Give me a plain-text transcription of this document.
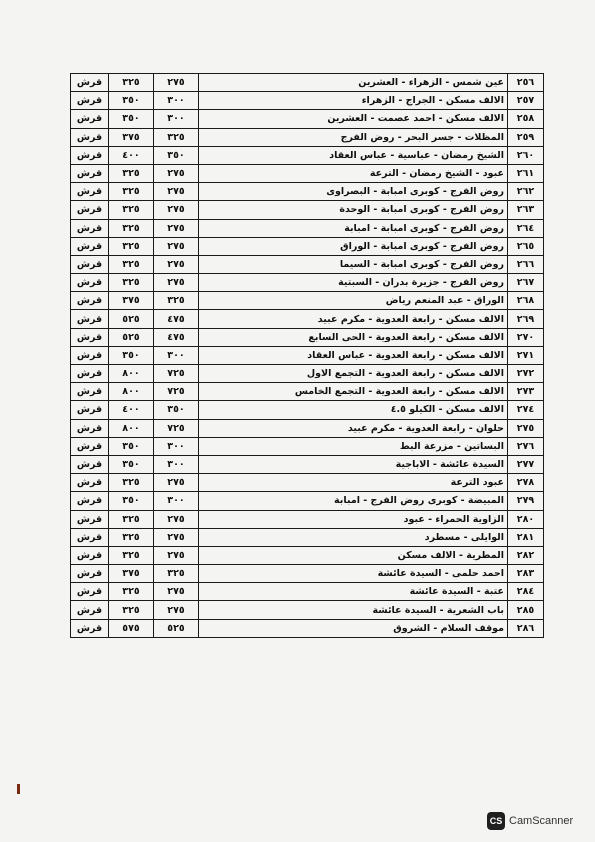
قرش	٣٢٥	٢٧٥	عين شمس - الزهراء - العشرين	٢٥٦
قرش	٣٥٠	٣٠٠	الالف مسكن - الجراج - الزهراء	٢٥٧
قرش	٣٥٠	٣٠٠	الالف مسكن - احمد عصمت - العشرين	٢٥٨
قرش	٣٧٥	٣٢٥	المظلات - جسر البحر - روض الفرج	٢٥٩
قرش	٤٠٠	٣٥٠	الشيخ رمضان - عباسية - عباس العقاد	٢٦٠
قرش	٣٢٥	٢٧٥	عبود - الشيخ رمضان - الترعة	٢٦١
قرش	٣٢٥	٢٧٥	روض الفرج - كوبرى امبابة - البصراوى	٢٦٢
قرش	٣٢٥	٢٧٥	روض الفرج - كوبرى امبابة - الوحدة	٢٦٣
قرش	٣٢٥	٢٧٥	روض الفرج - كوبرى امبابة - امبابة	٢٦٤
قرش	٣٢٥	٢٧٥	روض الفرج - كوبرى امبابة - الوراق	٢٦٥
قرش	٣٢٥	٢٧٥	روض الفرج - كوبرى امبابة - السيما	٢٦٦
قرش	٣٢٥	٢٧٥	روض الفرج - جزيرة بدران - السبتية	٢٦٧
قرش	٣٧٥	٣٢٥	الوراق - عبد المنعم رياض	٢٦٨
قرش	٥٢٥	٤٧٥	الالف مسكن - رابعة العدوية - مكرم عبيد	٢٦٩
قرش	٥٢٥	٤٧٥	الالف مسكن - رابعة العدوية - الحى السابع	٢٧٠
قرش	٣٥٠	٣٠٠	الالف مسكن - رابعة العدوية - عباس العقاد	٢٧١
قرش	٨٠٠	٧٢٥	الالف مسكن - رابعة العدوية - التجمع الاول	٢٧٢
قرش	٨٠٠	٧٢٥	الالف مسكن - رابعة العدوية - التجمع الخامس	٢٧٣
قرش	٤٠٠	٣٥٠	الالف مسكن - الكيلو ٤.٥	٢٧٤
قرش	٨٠٠	٧٢٥	حلوان - رابعة العدوية - مكرم عبيد	٢٧٥
قرش	٣٥٠	٣٠٠	البساتين - مزرعة البط	٢٧٦
قرش	٣٥٠	٣٠٠	السيدة عائشة - الاباجية	٢٧٧
قرش	٣٢٥	٢٧٥	عبود الترعة	٢٧٨
قرش	٣٥٠	٣٠٠	المبيضة - كوبرى روض الفرج - امبابة	٢٧٩
قرش	٣٢٥	٢٧٥	الزاوية الحمراء - عبود	٢٨٠
قرش	٣٢٥	٢٧٥	الوايلى - مسطرد	٢٨١
قرش	٣٢٥	٢٧٥	المطرية - الالف مسكن	٢٨٢
قرش	٣٧٥	٣٢٥	احمد حلمى - السيدة عائشة	٢٨٣
قرش	٣٢٥	٢٧٥	عتبة - السيدة عائشة	٢٨٤
قرش	٣٢٥	٢٧٥	باب الشعرية - السيدة عائشة	٢٨٥
قرش	٥٧٥	٥٢٥	موقف السلام - الشروق	٢٨٦
CS CamScanner
